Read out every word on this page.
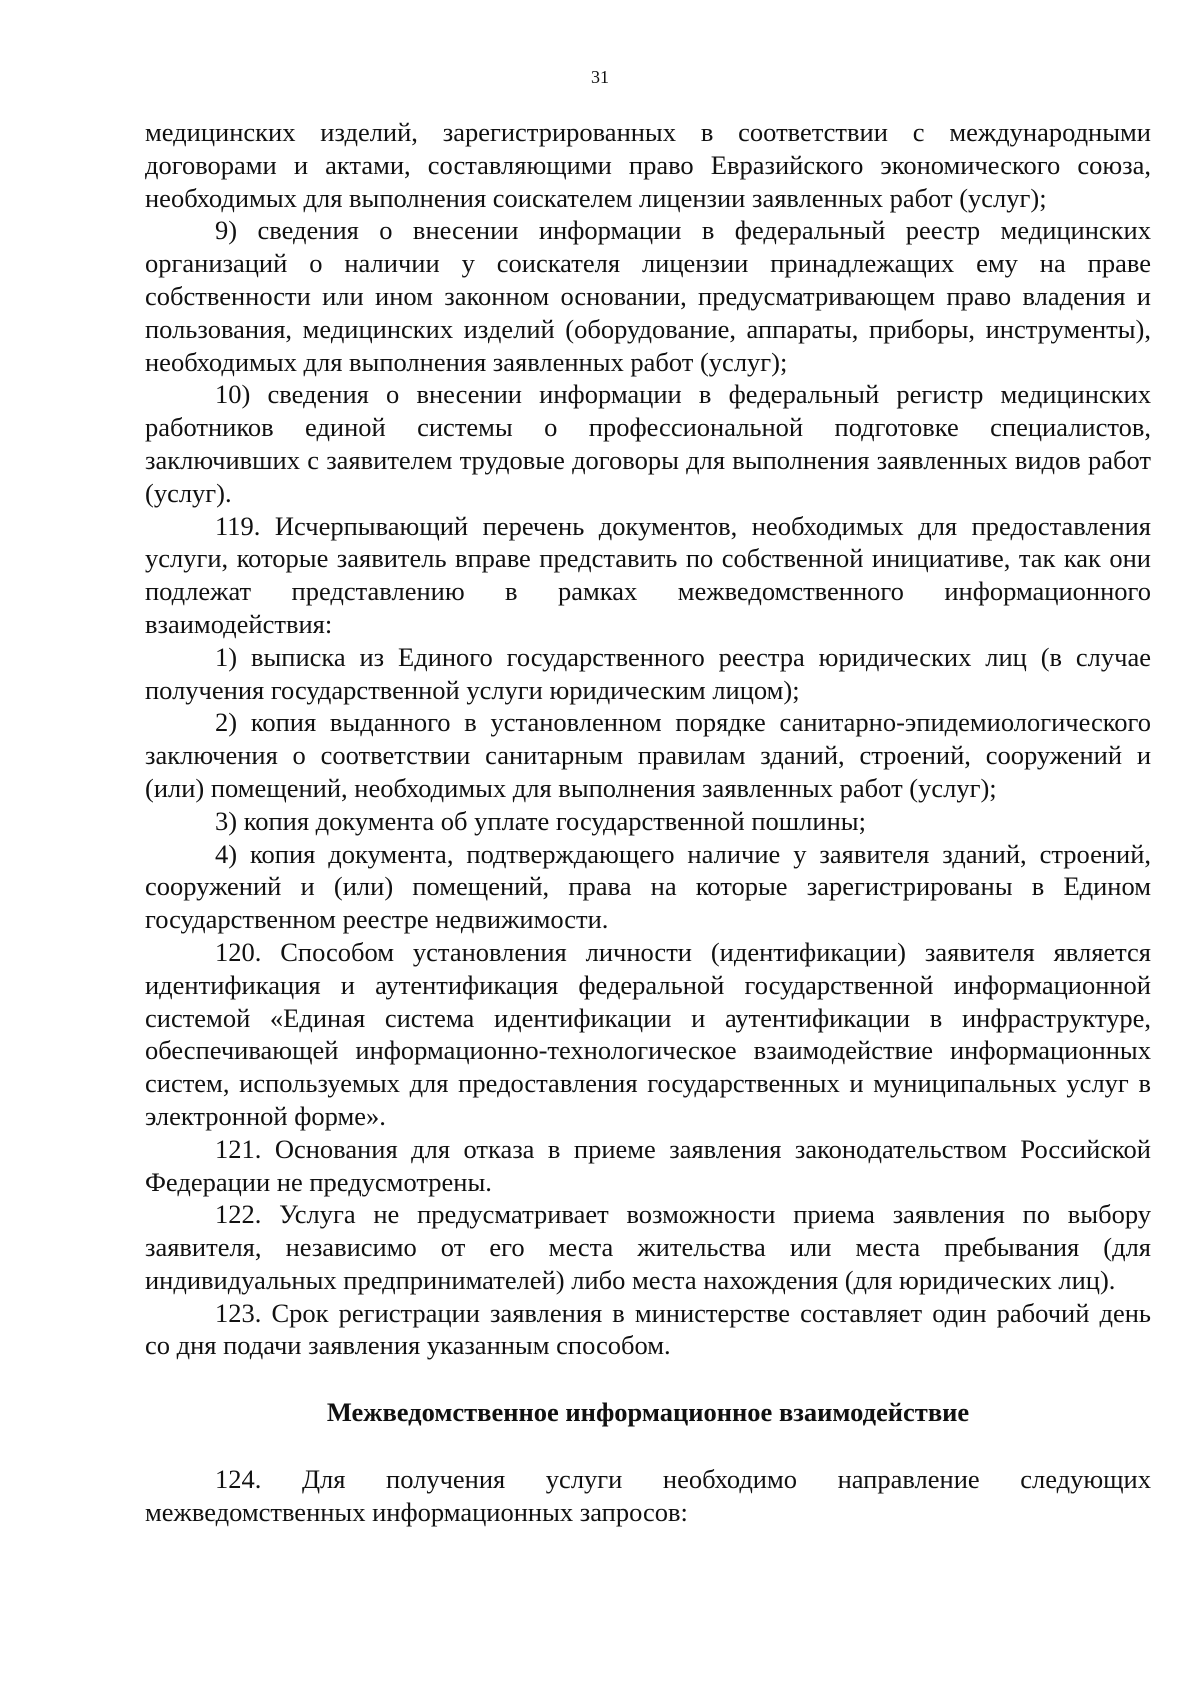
31

медицинских изделий, зарегистрированных в соответствии с международными договорами и актами, составляющими право Евразийского экономического союза, необходимых для выполнения соискателем лицензии заявленных работ (услуг);

9) сведения о внесении информации в федеральный реестр медицинских организаций о наличии у соискателя лицензии принадлежащих ему на праве собственности или ином законном основании, предусматривающем право владения и пользования, медицинских изделий (оборудование, аппараты, приборы, инструменты), необходимых для выполнения заявленных работ (услуг);

10) сведения о внесении информации в федеральный регистр медицинских работников единой системы о профессиональной подготовке специалистов, заключивших с заявителем трудовые договоры для выполнения заявленных видов работ (услуг).

119. Исчерпывающий перечень документов, необходимых для предоставления услуги, которые заявитель вправе представить по собственной инициативе, так как они подлежат представлению в рамках межведомственного информационного взаимодействия:

1) выписка из Единого государственного реестра юридических лиц (в случае получения государственной услуги юридическим лицом);

2) копия выданного в установленном порядке санитарно-эпидемиологического заключения о соответствии санитарным правилам зданий, строений, сооружений и (или) помещений, необходимых для выполнения заявленных работ (услуг);

3) копия документа об уплате государственной пошлины;

4) копия документа, подтверждающего наличие у заявителя зданий, строений, сооружений и (или) помещений, права на которые зарегистрированы в Едином государственном реестре недвижимости.

120. Способом установления личности (идентификации) заявителя является идентификация и аутентификация федеральной государственной информационной системой «Единая система идентификации и аутентификации в инфраструктуре, обеспечивающей информационно-технологическое взаимодействие информационных систем, используемых для предоставления государственных и муниципальных услуг в электронной форме».

121. Основания для отказа в приеме заявления законодательством Российской Федерации не предусмотрены.

122. Услуга не предусматривает возможности приема заявления по выбору заявителя, независимо от его места жительства или места пребывания (для индивидуальных предпринимателей) либо места нахождения (для юридических лиц).

123. Срок регистрации заявления в министерстве составляет один рабочий день со дня подачи заявления указанным способом.

Межведомственное информационное взаимодействие

124. Для получения услуги необходимо направление следующих межведомственных информационных запросов:
